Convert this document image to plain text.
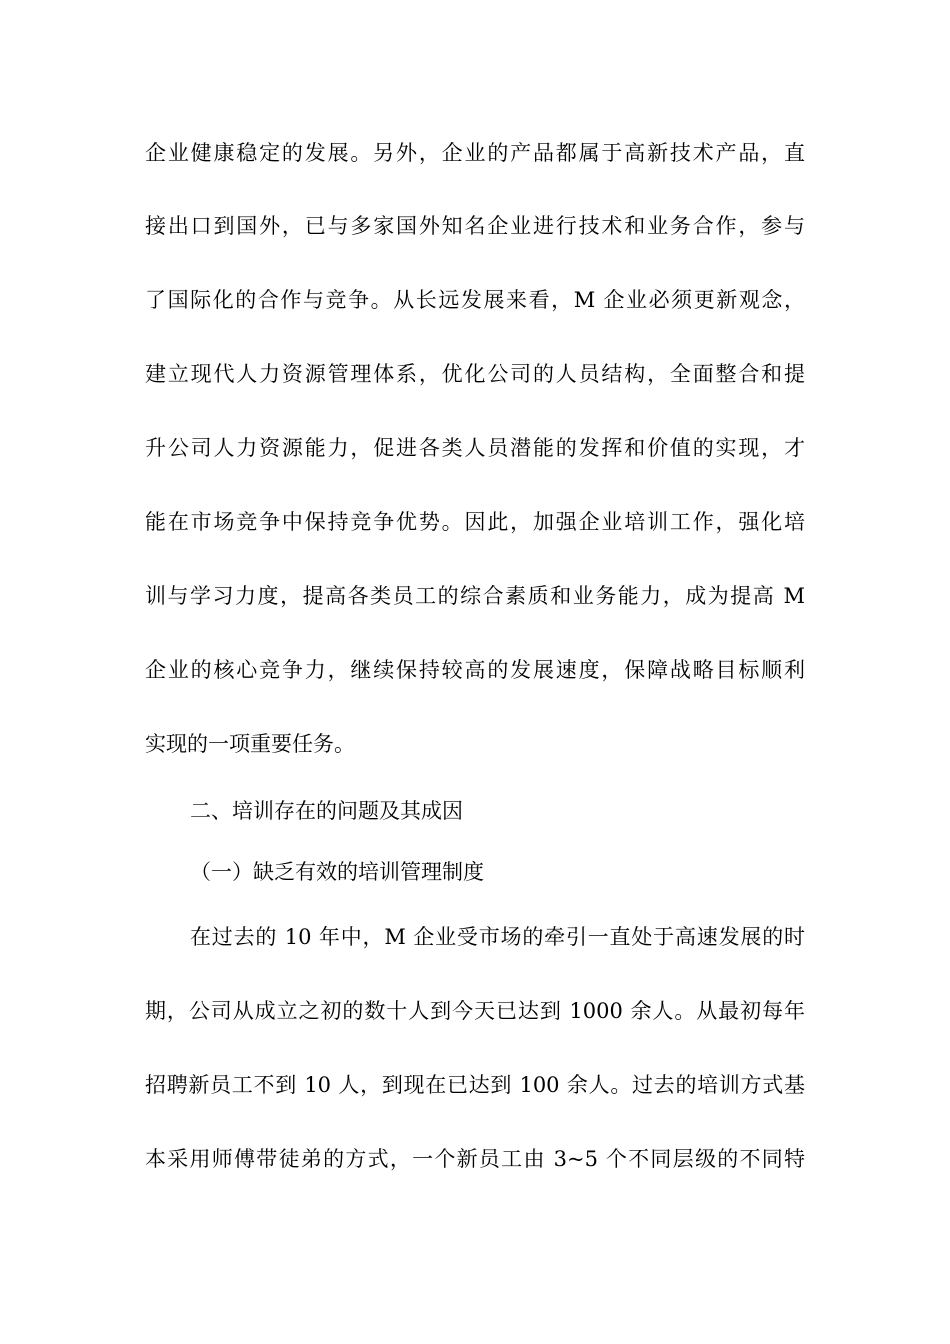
企业健康稳定的发展。另外，企业的产品都属于高新技术产品，直
接出口到国外，已与多家国外知名企业进行技术和业务合作，参与
了国际化的合作与竞争。从长远发展来看，M 企业必须更新观念，
建立现代人力资源管理体系，优化公司的人员结构，全面整合和提
升公司人力资源能力，促进各类人员潜能的发挥和价值的实现，才
能在市场竞争中保持竞争优势。因此，加强企业培训工作，强化培
训与学习力度，提高各类员工的综合素质和业务能力，成为提高 M
企业的核心竞争力，继续保持较高的发展速度，保障战略目标顺利
实现的一项重要任务。
二、培训存在的问题及其成因
（一）缺乏有效的培训管理制度
在过去的 10 年中，M 企业受市场的牵引一直处于高速发展的时
期，公司从成立之初的数十人到今天已达到 1000 余人。从最初每年
招聘新员工不到 10 人，到现在已达到 100 余人。过去的培训方式基
本采用师傅带徒弟的方式，一个新员工由 3~5 个不同层级的不同特
